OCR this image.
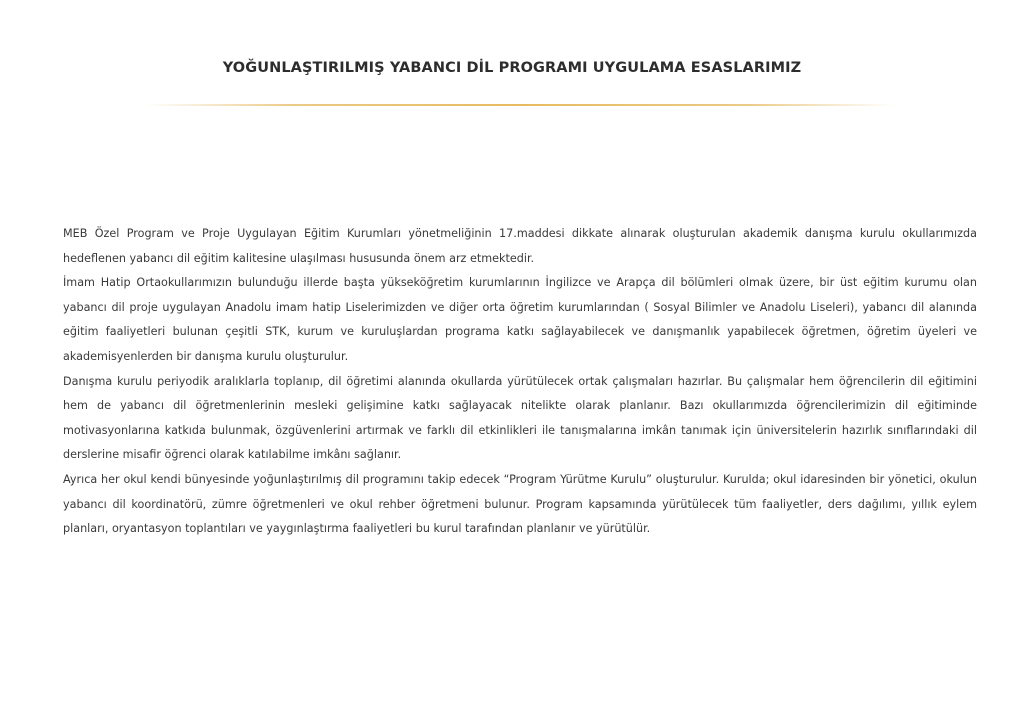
YOĞUNLAŞTIRILMIŞ YABANCI DİL PROGRAMI UYGULAMA ESASLARIMIZ

MEB Özel Program ve Proje Uygulayan Eğitim Kurumları yönetmeliğinin 17.maddesi dikkate alınarak oluşturulan akademik danışma kurulu okullarımızda hedeflenen yabancı dil eğitim kalitesine ulaşılması hususunda önem arz etmektedir.

İmam Hatip Ortaokullarımızın bulunduğu illerde başta yükseköğretim kurumlarının İngilizce ve Arapça dil bölümleri olmak üzere, bir üst eğitim kurumu olan yabancı dil proje uygulayan Anadolu imam hatip Liselerimizden ve diğer orta öğretim kurumlarından ( Sosyal Bilimler ve Anadolu Liseleri), yabancı dil alanında eğitim faaliyetleri bulunan çeşitli STK, kurum ve kuruluşlardan programa katkı sağlayabilecek ve danışmanlık yapabilecek öğretmen, öğretim üyeleri ve akademisyenlerden bir danışma kurulu oluşturulur.

Danışma kurulu periyodik aralıklarla toplanıp, dil öğretimi alanında okullarda yürütülecek ortak çalışmaları hazırlar. Bu çalışmalar hem öğrencilerin dil eğitimini hem de yabancı dil öğretmenlerinin mesleki gelişimine katkı sağlayacak nitelikte olarak planlanır. Bazı okullarımızda öğrencilerimizin dil eğitiminde motivasyonlarına katkıda bulunmak, özgüvenlerini artırmak ve farklı dil etkinlikleri ile tanışmalarına imkân tanımak için üniversitelerin hazırlık sınıflarındaki dil derslerine misafir öğrenci olarak katılabilme imkânı sağlanır.

Ayrıca her okul kendi bünyesinde yoğunlaştırılmış dil programını takip edecek “Program Yürütme Kurulu” oluşturulur. Kurulda; okul idaresinden bir yönetici, okulun yabancı dil koordinatörü, zümre öğretmenleri ve okul rehber öğretmeni bulunur. Program kapsamında yürütülecek tüm faaliyetler, ders dağılımı, yıllık eylem planları, oryantasyon toplantıları ve yaygınlaştırma faaliyetleri bu kurul tarafından planlanır ve yürütülür.
